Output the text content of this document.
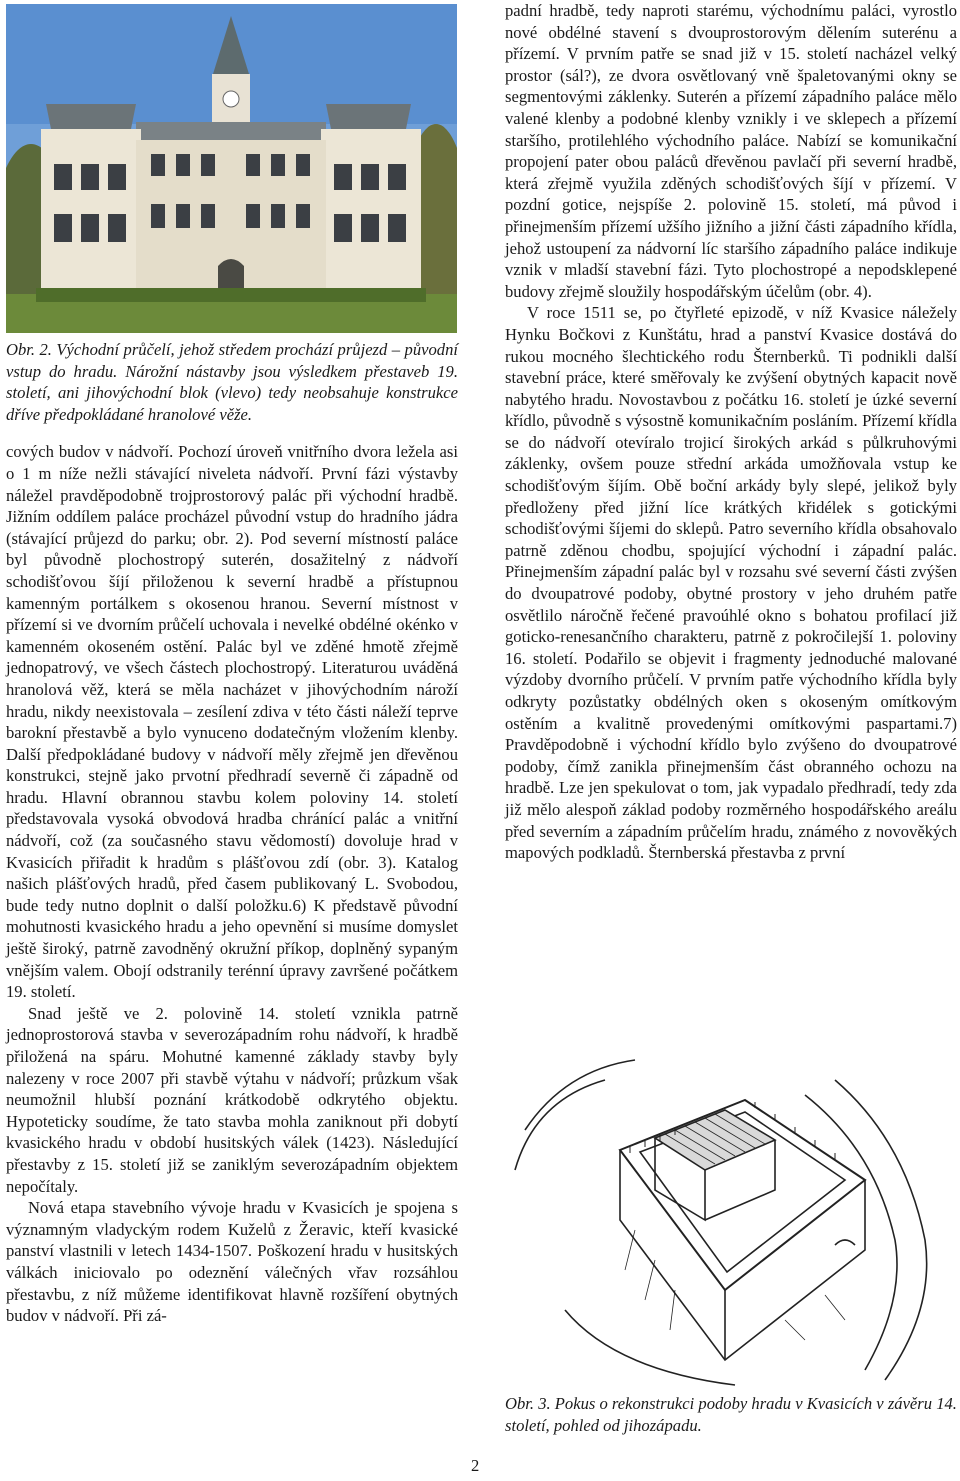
Obr. 2. Východní průčelí, jehož středem prochází průjezd – původní vstup do hradu. Nárožní nástavby jsou výsledkem přestaveb 19. století, ani jihovýchodní blok (vlevo) tedy neobsahuje konstrukce dříve předpokládané hranolové věže.

cových budov v nádvoří. Pochozí úroveň vnitřního dvora ležela asi o 1 m níže nežli stávající niveleta nádvoří. První fázi výstavby náležel pravděpodobně trojprostorový palác při východní hradbě. Jižním oddílem paláce procházel původní vstup do hradního jádra (stávající průjezd do parku; obr. 2). Pod severní místností paláce byl původně plochostropý suterén, dosažitelný z nádvoří schodišťovou šíjí přiloženou k severní hradbě a přístupnou kamenným portálkem s okosenou hranou. Severní místnost v přízemí si ve dvorním průčelí uchovala i nevelké obdélné okénko v kamenném okoseném ostění. Palác byl ve zděné hmotě zřejmě jednopatrový, ve všech částech plochostropý. Literaturou uváděná hranolová věž, která se měla nacházet v jihovýchodním nároží hradu, nikdy neexistovala – zesílení zdiva v této části náleží teprve barokní přestavbě a bylo vynuceno dodatečným vložením klenby. Další předpokládané budovy v nádvoří měly zřejmě jen dřevěnou konstrukci, stejně jako prvotní předhradí severně či západně od hradu. Hlavní obrannou stavbu kolem poloviny 14. století představovala vysoká obvodová hradba chránící palác a vnitřní nádvoří, což (za současného stavu vědomostí) dovoluje hrad v Kvasicích přiřadit k hradům s plášťovou zdí (obr. 3). Katalog našich plášťových hradů, před časem publikovaný L. Svobodou, bude tedy nutno doplnit o další položku.6) K představě původní mohutnosti kvasického hradu a jeho opevnění si musíme domyslet ještě široký, patrně zavodněný okružní příkop, doplněný sypaným vnějším valem. Obojí odstranily terénní úpravy završené počátkem 19. století.

Snad ještě ve 2. polovině 14. století vznikla patrně jednoprostorová stavba v severozápadním rohu nádvoří, k hradbě přiložená na spáru. Mohutné kamenné základy stavby byly nalezeny v roce 2007 při stavbě výtahu v nádvoří; průzkum však neumožnil hlubší poznání krátkodobě odkrytého objektu. Hypoteticky soudíme, že tato stavba mohla zaniknout při dobytí kvasického hradu v období husitských válek (1423). Následující přestavby z 15. století již se zaniklým severozápadním objektem nepočítaly.

Nová etapa stavebního vývoje hradu v Kvasicích je spojena s významným vladyckým rodem Kuželů z Žeravic, kteří kvasické panství vlastnili v letech 1434-1507. Poškození hradu v husitských válkách iniciovalo po odeznění válečných vřav rozsáhlou přestavbu, z níž můžeme identifikovat hlavně rozšíření obytných budov v nádvoří. Při zá-

padní hradbě, tedy naproti starému, východnímu paláci, vyrostlo nové obdélné stavení s dvouprostorovým dělením suterénu a přízemí. V prvním patře se snad již v 15. století nacházel velký prostor (sál?), ze dvora osvětlovaný vně špaletovanými okny se segmentovými záklenky. Suterén a přízemí západního paláce mělo valené klenby a podobné klenby vznikly i ve sklepech a přízemí staršího, protilehlého východního paláce. Nabízí se komunikační propojení pater obou paláců dřevěnou pavlačí při severní hradbě, která zřejmě využila zděných schodišťových šíjí v přízemí. V pozdní gotice, nejspíše 2. polovině 15. století, má původ i přinejmenším přízemí užšího jižního a jižní části západního křídla, jehož ustoupení za nádvorní líc staršího západního paláce indikuje vznik v mladší stavební fázi. Tyto plochostropé a nepodsklepené budovy zřejmě sloužily hospodářským účelům (obr. 4).

V roce 1511 se, po čtyřleté epizodě, v níž Kvasice náležely Hynku Bočkovi z Kunštátu, hrad a panství Kvasice dostává do rukou mocného šlechtického rodu Šternberků. Ti podnikli další stavební práce, které směřovaly ke zvýšení obytných kapacit nově nabytého hradu. Novostavbou z počátku 16. století je úzké severní křídlo, původně s výsostně komunikačním posláním. Přízemí křídla se do nádvoří otevíralo trojicí širokých arkád s půlkruhovými záklenky, ovšem pouze střední arkáda umožňovala vstup ke schodišťovým šíjím. Obě boční arkády byly slepé, jelikož byly předloženy před jižní líce krátkých křidélek s gotickými schodišťovými šíjemi do sklepů. Patro severního křídla obsahovalo patrně zděnou chodbu, spojující východní i západní palác. Přinejmenším západní palác byl v rozsahu své severní části zvýšen do dvoupatrové podoby, obytné prostory v jeho druhém patře osvětlilo náročně řečené pravoúhlé okno s bohatou profilací již goticko-renesančního charakteru, patrně z pokročilejší 1. poloviny 16. století. Podařilo se objevit i fragmenty jednoduché malované výzdoby dvorního průčelí. V prvním patře východního křídla byly odkryty pozůstatky obdélných oken s okoseným omítkovým ostěním a kvalitně provedenými omítkovými paspartami.7) Pravděpodobně i východní křídlo bylo zvýšeno do dvoupatrové podoby, čímž zanikla přinejmenším část obranného ochozu na hradbě. Lze jen spekulovat o tom, jak vypadalo předhradí, tedy zda již mělo alespoň základ podoby rozměrného hospodářského areálu před severním a západním průčelím hradu, známého z novověkých mapových podkladů. Šternberská přestavba z první

Obr. 3. Pokus o rekonstrukci podoby hradu v Kvasicích v závěru 14. století, pohled od jihozápadu.

2
